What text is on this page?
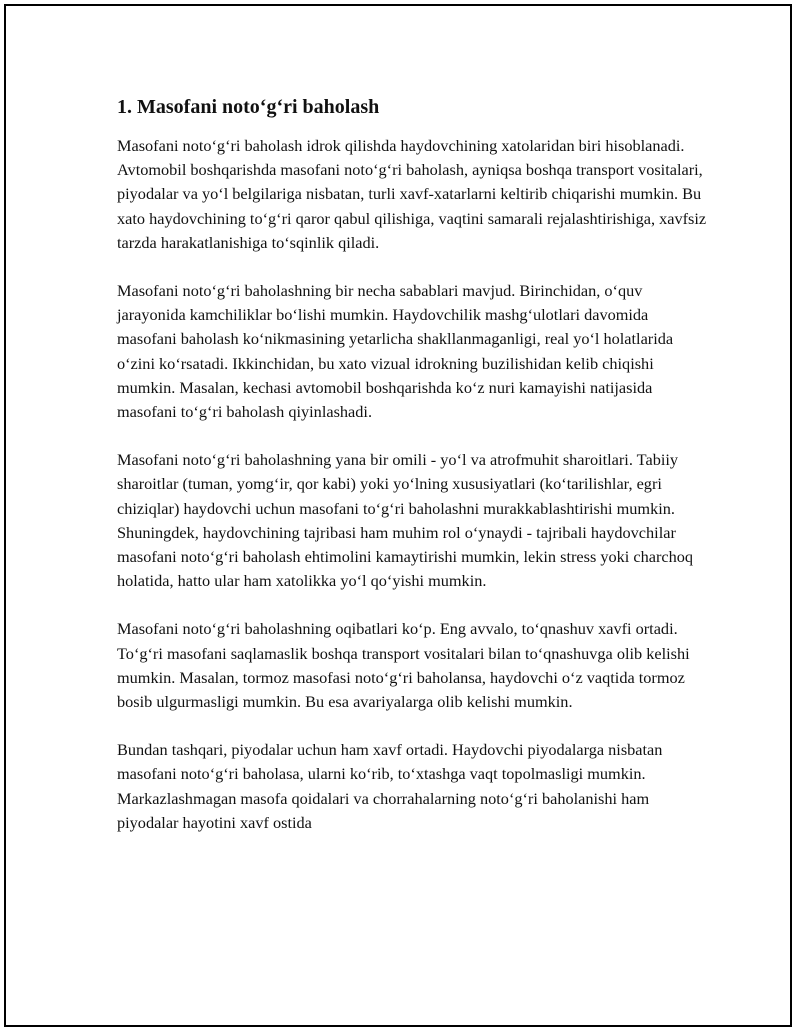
1. Masofani noto‘g‘ri baholash

Masofani noto‘g‘ri baholash idrok qilishda haydovchining xatolaridan biri hisoblanadi. Avtomobil boshqarishda masofani noto‘g‘ri baholash, ayniqsa boshqa transport vositalari, piyodalar va yo‘l belgilariga nisbatan, turli xavf-xatarlarni keltirib chiqarishi mumkin. Bu xato haydovchining to‘g‘ri qaror qabul qilishiga, vaqtini samarali rejalashtirishiga, xavfsiz tarzda harakatlanishiga to‘sqinlik qiladi.

Masofani noto‘g‘ri baholashning bir necha sabablari mavjud. Birinchidan, o‘quv jarayonida kamchiliklar bo‘lishi mumkin. Haydovchilik mashg‘ulotlari davomida masofani baholash ko‘nikmasining yetarlicha shakllanmaganligi, real yo‘l holatlarida o‘zini ko‘rsatadi. Ikkinchidan, bu xato vizual idrokning buzilishidan kelib chiqishi mumkin. Masalan, kechasi avtomobil boshqarishda ko‘z nuri kamayishi natijasida masofani to‘g‘ri baholash qiyinlashadi.

Masofani noto‘g‘ri baholashning yana bir omili - yo‘l va atrofmuhit sharoitlari. Tabiiy sharoitlar (tuman, yomg‘ir, qor kabi) yoki yo‘lning xususiyatlari (ko‘tarilishlar, egri chiziqlar) haydovchi uchun masofani to‘g‘ri baholashni murakkablashtirishi mumkin. Shuningdek, haydovchining tajribasi ham muhim rol o‘ynaydi - tajribali haydovchilar masofani noto‘g‘ri baholash ehtimolini kamaytirishi mumkin, lekin stress yoki charchoq holatida, hatto ular ham xatolikka yo‘l qo‘yishi mumkin.

Masofani noto‘g‘ri baholashning oqibatlari ko‘p. Eng avvalo, to‘qnashuv xavfi ortadi. To‘g‘ri masofani saqlamaslik boshqa transport vositalari bilan to‘qnashuvga olib kelishi mumkin. Masalan, tormoz masofasi noto‘g‘ri baholansa, haydovchi o‘z vaqtida tormoz bosib ulgurmasligi mumkin. Bu esa avariyalarga olib kelishi mumkin.

Bundan tashqari, piyodalar uchun ham xavf ortadi. Haydovchi piyodalarga nisbatan masofani noto‘g‘ri baholasa, ularni ko‘rib, to‘xtashga vaqt topolmasligi mumkin. Markazlashmagan masofa qoidalari va chorrahalarning noto‘g‘ri baholanishi ham piyodalar hayotini xavf ostida
